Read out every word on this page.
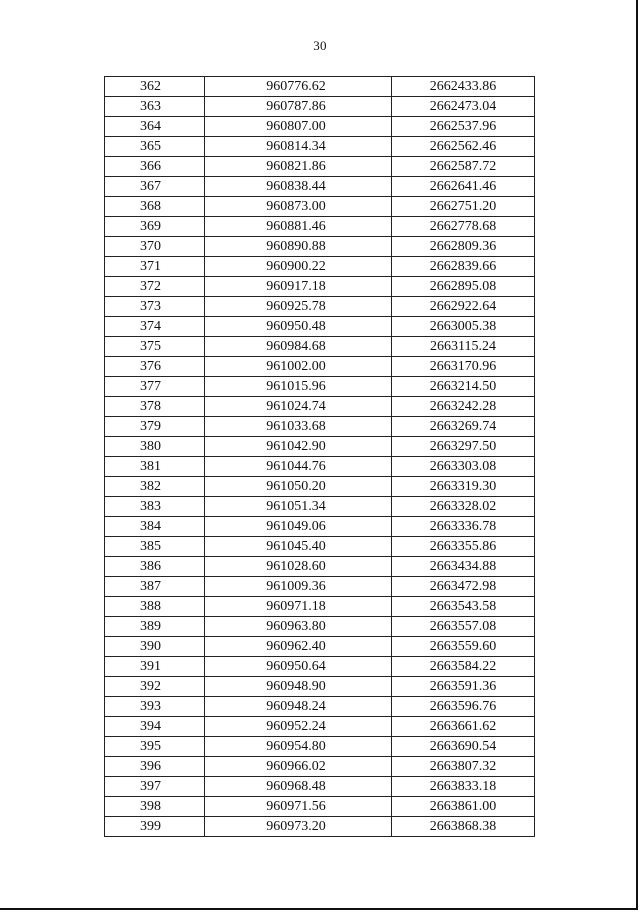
30
362	960776.62	2662433.86
363	960787.86	2662473.04
364	960807.00	2662537.96
365	960814.34	2662562.46
366	960821.86	2662587.72
367	960838.44	2662641.46
368	960873.00	2662751.20
369	960881.46	2662778.68
370	960890.88	2662809.36
371	960900.22	2662839.66
372	960917.18	2662895.08
373	960925.78	2662922.64
374	960950.48	2663005.38
375	960984.68	2663115.24
376	961002.00	2663170.96
377	961015.96	2663214.50
378	961024.74	2663242.28
379	961033.68	2663269.74
380	961042.90	2663297.50
381	961044.76	2663303.08
382	961050.20	2663319.30
383	961051.34	2663328.02
384	961049.06	2663336.78
385	961045.40	2663355.86
386	961028.60	2663434.88
387	961009.36	2663472.98
388	960971.18	2663543.58
389	960963.80	2663557.08
390	960962.40	2663559.60
391	960950.64	2663584.22
392	960948.90	2663591.36
393	960948.24	2663596.76
394	960952.24	2663661.62
395	960954.80	2663690.54
396	960966.02	2663807.32
397	960968.48	2663833.18
398	960971.56	2663861.00
399	960973.20	2663868.38
